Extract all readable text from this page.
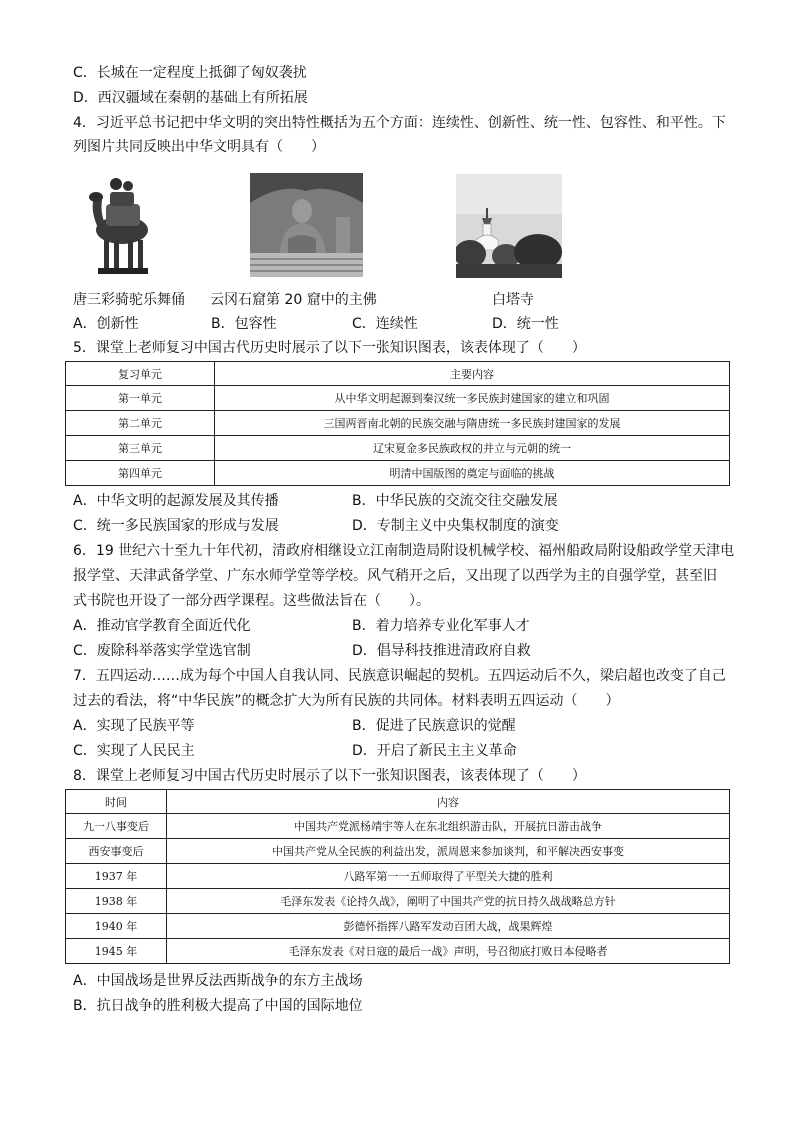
C．长城在一定程度上抵御了匈奴袭扰
D．西汉疆域在秦朝的基础上有所拓展
4．习近平总书记把中华文明的突出特性概括为五个方面：连续性、创新性、统一性、包容性、和平性。下
列图片共同反映出中华文明具有（　　）
唐三彩骑驼乐舞俑 云冈石窟第 20 窟中的主佛	白塔寺
A．创新性	B．包容性	C．连续性	D．统一性
5．课堂上老师复习中国古代历史时展示了以下一张知识图表，该表体现了（　　）
复习单元	主要内容
第一单元	从中华文明起源到秦汉统一多民族封建国家的建立和巩固
第二单元	三国两晋南北朝的民族交融与隋唐统一多民族封建国家的发展
第三单元	辽宋夏金多民族政权的并立与元朝的统一
第四单元	明清中国版图的奠定与面临的挑战
A．中华文明的起源发展及其传播	B．中华民族的交流交往交融发展
C．统一多民族国家的形成与发展	D．专制主义中央集权制度的演变
6．19 世纪六十至九十年代初，清政府相继设立江南制造局附设机械学校、福州船政局附设船政学堂天津电
报学堂、天津武备学堂、广东水师学堂等学校。风气稍开之后，又出现了以西学为主的自强学堂，甚至旧
式书院也开设了一部分西学课程。这些做法旨在（　　）。
A．推动官学教育全面近代化	B．着力培养专业化军事人才
C．废除科举落实学堂选官制	D．倡导科技推进清政府自救
7．五四运动……成为每个中国人自我认同、民族意识崛起的契机。五四运动后不久，梁启超也改变了自己
过去的看法，将“中华民族”的概念扩大为所有民族的共同体。材料表明五四运动（　　）
A．实现了民族平等	B．促进了民族意识的觉醒
C．实现了人民民主	D．开启了新民主主义革命
8．课堂上老师复习中国古代历史时展示了以下一张知识图表，该表体现了（　　）
时间	内容
九一八事变后	中国共产党派杨靖宇等人在东北组织游击队，开展抗日游击战争
西安事变后	中国共产党从全民族的利益出发，派周恩来参加谈判，和平解决西安事变
1937 年	八路军第一一五师取得了平型关大捷的胜利
1938 年	毛泽东发表《论持久战》，阐明了中国共产党的抗日持久战战略总方针
1940 年	彭德怀指挥八路军发动百团大战，战果辉煌
1945 年	毛泽东发表《对日寇的最后一战》声明，号召彻底打败日本侵略者
A．中国战场是世界反法西斯战争的东方主战场
B．抗日战争的胜利极大提高了中国的国际地位
